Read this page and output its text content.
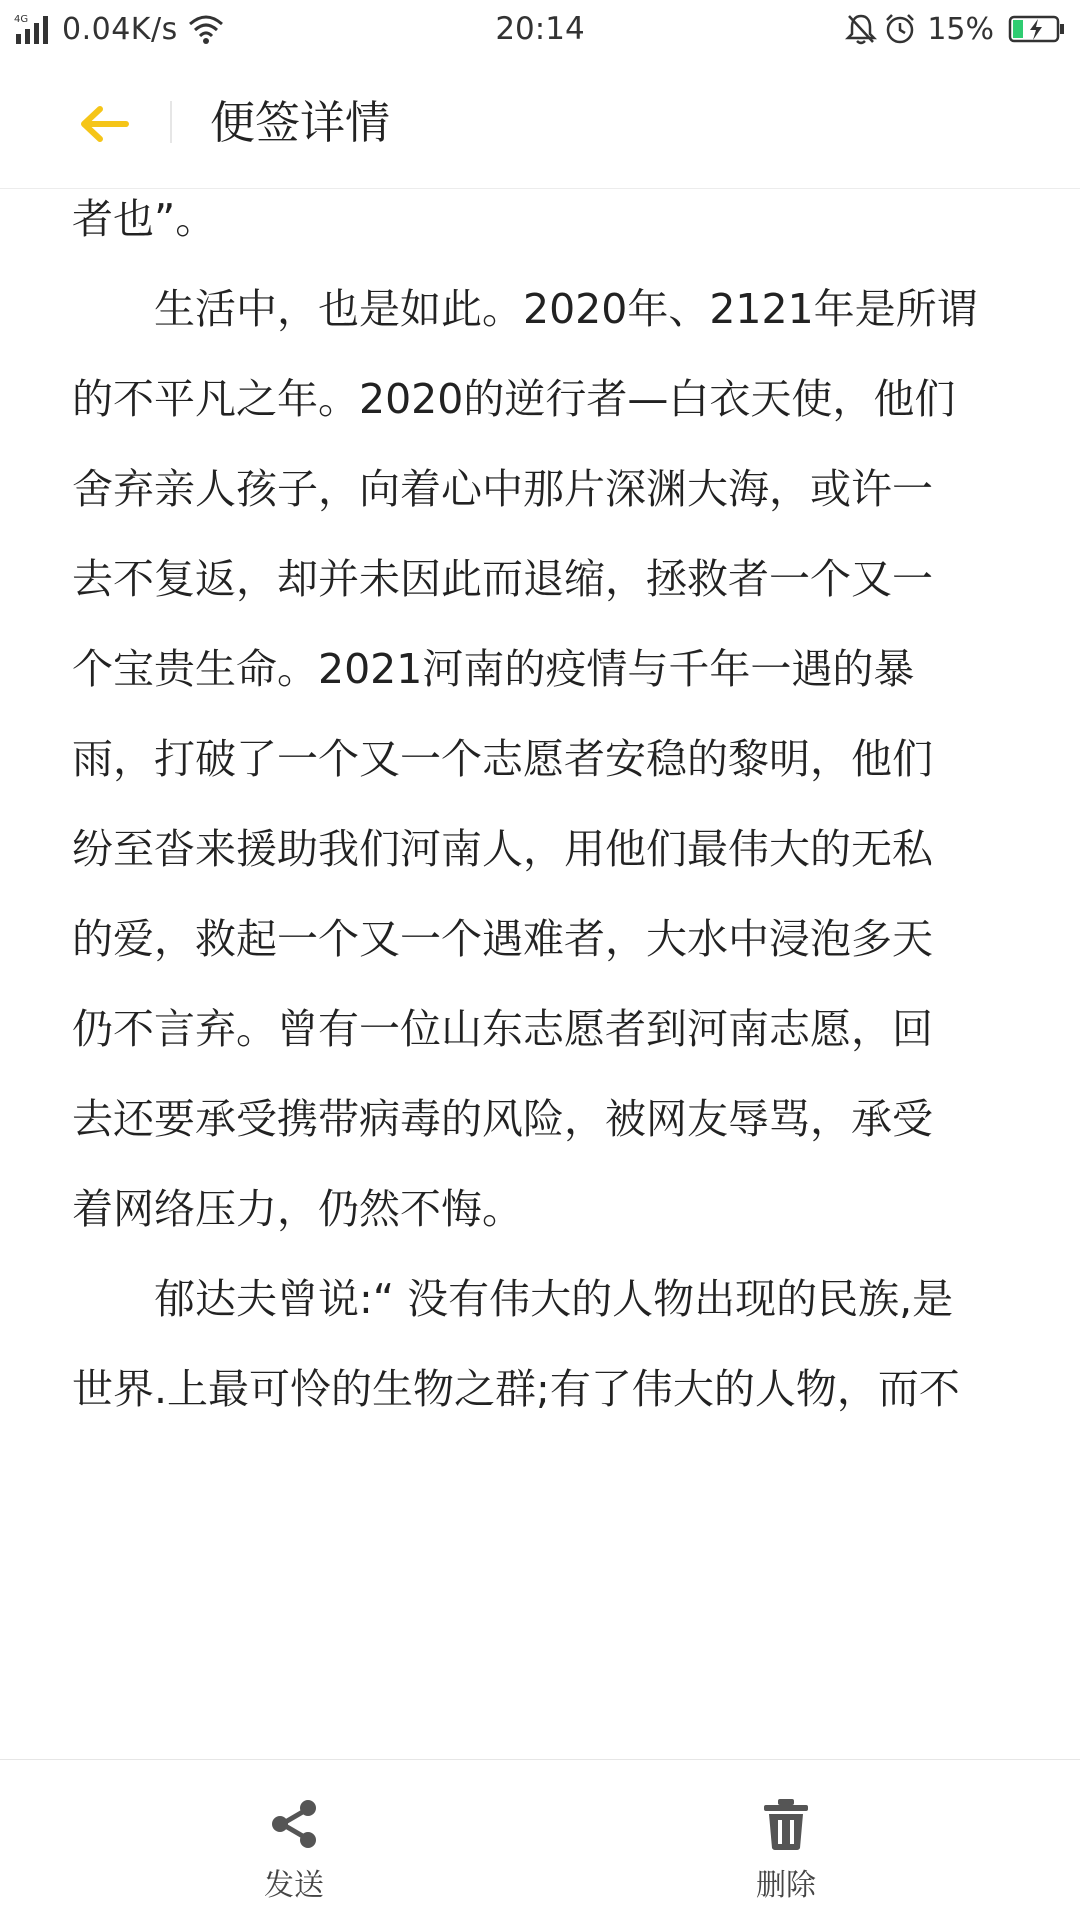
4G 0.04K/s	20:14	15%
便签详情
者也”。
　　生活中，也是如此。2020年、2121年是所谓
的不平凡之年。2020的逆行者—白衣天使，他们
舍弃亲人孩子，向着心中那片深渊大海，或许一
去不复返，却并未因此而退缩，拯救者一个又一
个宝贵生命。2021河南的疫情与千年一遇的暴
雨，打破了一个又一个志愿者安稳的黎明，他们
纷至沓来援助我们河南人，用他们最伟大的无私
的爱，救起一个又一个遇难者，大水中浸泡多天
仍不言弃。曾有一位山东志愿者到河南志愿，回
去还要承受携带病毒的风险，被网友辱骂，承受
着网络压力，仍然不悔。
　　郁达夫曾说:“ 没有伟大的人物出现的民族,是
世界.上最可怜的生物之群;有了伟大的人物，而不
发送	删除
